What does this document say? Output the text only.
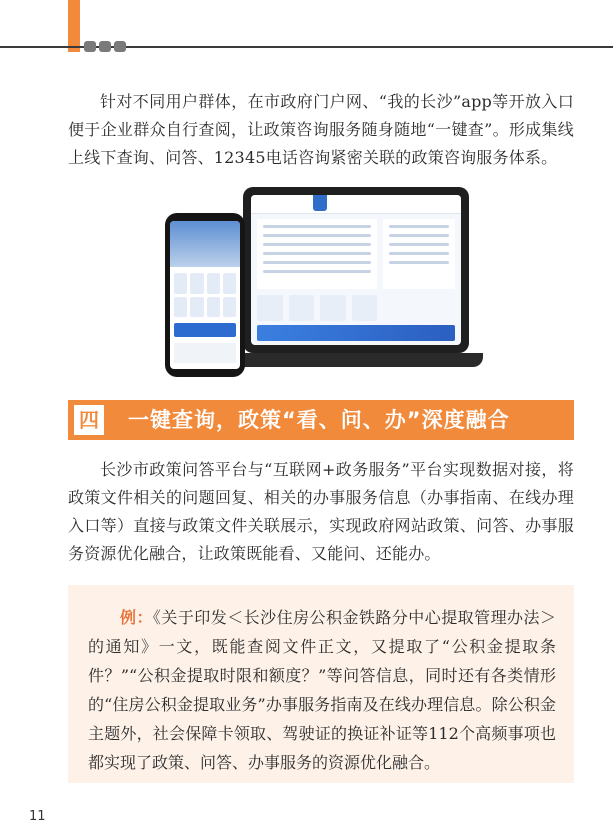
针对不同用户群体，在市政府门户网、“我的长沙”app等开放入口便于企业群众自行查阅，让政策咨询服务随身随地“一键查”。形成集线上线下查询、问答、12345电话咨询紧密关联的政策咨询服务体系。

四 一键查询，政策“看、问、办”深度融合

长沙市政策问答平台与“互联网+政务服务”平台实现数据对接，将政策文件相关的问题回复、相关的办事服务信息（办事指南、在线办理入口等）直接与政策文件关联展示，实现政府网站政策、问答、办事服务资源优化融合，让政策既能看、又能问、还能办。

例：《关于印发＜长沙住房公积金铁路分中心提取管理办法＞的通知》一文，既能查阅文件正文，又提取了“公积金提取条件？”“公积金提取时限和额度？”等问答信息，同时还有各类情形的“住房公积金提取业务”办事服务指南及在线办理信息。除公积金主题外，社会保障卡领取、驾驶证的换证补证等112个高频事项也都实现了政策、问答、办事服务的资源优化融合。

11
